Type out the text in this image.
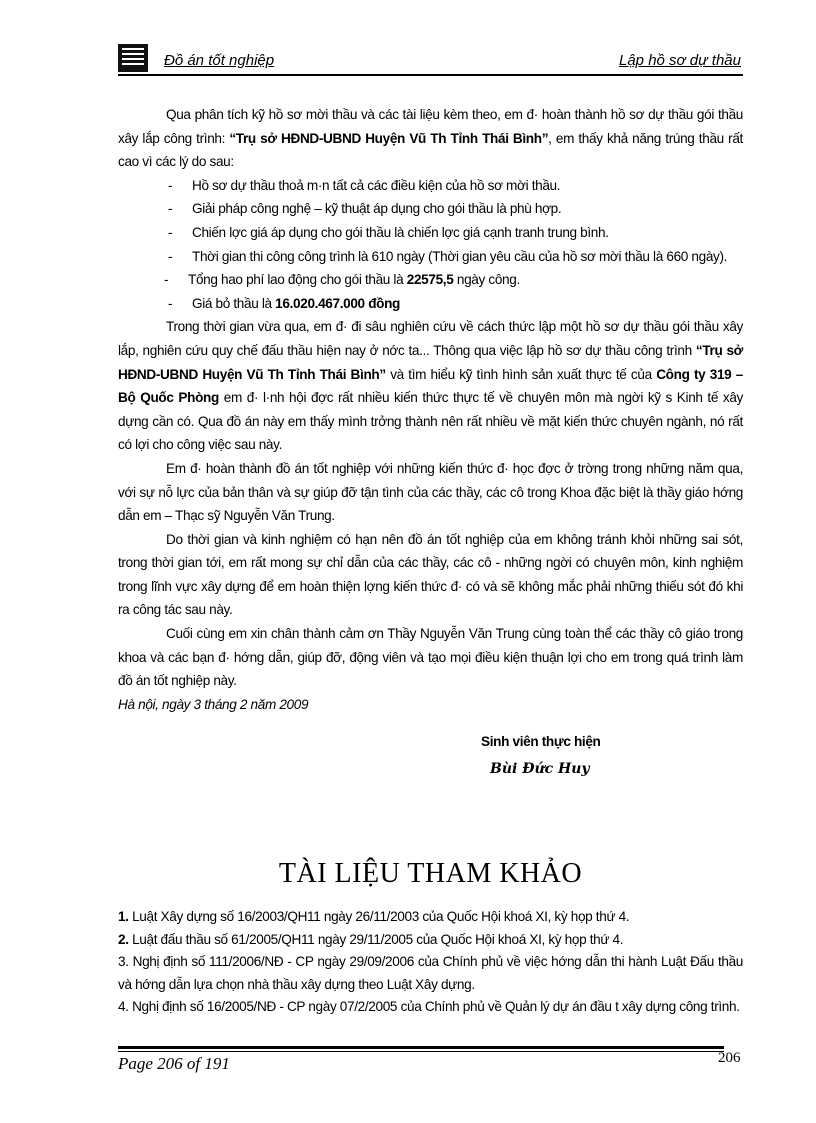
Đồ án tốt nghiệp	Lập hồ sơ dự thầu

Qua phân tích kỹ hồ sơ mời thầu và các tài liệu kèm theo, em đ· hoàn thành hồ sơ dự thầu gói thầu xây lắp công trình: “Trụ sở HĐND-UBND Huyện Vũ Th Tỉnh Thái Bình”, em thấy khả năng trúng thầu rất cao vì các lý do sau:

- Hồ sơ dự thầu thoả m·n tất cả các điều kiện của hồ sơ mời thầu.
- Giải pháp công nghệ – kỹ thuật áp dụng cho gói thầu là phù hợp.
- Chiến lợc giá áp dụng cho gói thầu là chiến lợc giá cạnh tranh trung bình.
- Thời gian thi công công trình là 610 ngày (Thời gian yêu cầu của hồ sơ mời thầu là 660 ngày).
- Tổng hao phí lao động cho gói thầu là 22575,5 ngày công.
- Giá bỏ thầu là 16.020.467.000 đồng

Trong thời gian vừa qua, em đ· đi sâu nghiên cứu về cách thức lập một hồ sơ dự thầu gói thầu xây lắp, nghiên cứu quy chế đấu thầu hiện nay ở nớc ta... Thông qua việc lập hồ sơ dự thầu công trình “Trụ sở HĐND-UBND Huyện Vũ Th Tỉnh Thái Bình” và tìm hiểu kỹ tình hình sản xuất thực tế của Công ty 319 – Bộ Quốc Phòng em đ· l·nh hội đợc rất nhiều kiến thức thực tế về chuyên môn mà ngời kỹ s Kinh tế xây dựng cần có. Qua đồ án này em thấy mình trởng thành nên rất nhiều về mặt kiến thức chuyên ngành, nó rất có lợi cho công việc sau này.

Em đ· hoàn thành đồ án tốt nghiệp với những kiến thức đ· học đợc ở trờng trong những năm qua, với sự nỗ lực của bản thân và sự giúp đỡ tận tình của các thầy, các cô trong Khoa đặc biệt là thầy giáo hớng dẫn em – Thạc sỹ Nguyễn Văn Trung.

Do thời gian và kinh nghiệm có hạn nên đồ án tốt nghiệp của em không tránh khỏi những sai sót, trong thời gian tới, em rất mong sự chỉ dẫn của các thầy, các cô - những ngời có chuyên môn, kinh nghiệm trong lĩnh vực xây dựng để em hoàn thiện lợng kiến thức đ· có và sẽ không mắc phải những thiếu sót đó khi ra công tác sau này.

Cuối cùng em xin chân thành cảm ơn Thầy Nguyễn Văn Trung cùng toàn thể các thầy cô giáo trong khoa và các bạn đ· hớng dẫn, giúp đỡ, động viên và tạo mọi điều kiện thuận lợi cho em trong quá trình làm đồ án tốt nghiệp này.

Hà nội, ngày 3 tháng 2 năm 2009

Sinh viên thực hiện

Bùi Đức Huy

TÀI LIỆU THAM KHẢO

1. Luật Xây dựng số 16/2003/QH11 ngày 26/11/2003 của Quốc Hội khoá XI, kỳ họp thứ 4.

2. Luật đấu thầu số 61/2005/QH11 ngày 29/11/2005 của Quốc Hội khoá XI, kỳ họp thứ 4.

3. Nghị định số 111/2006/NĐ - CP ngày 29/09/2006 của Chính phủ về việc hớng dẫn thi hành Luật Đấu thầu và hớng dẫn lựa chọn nhà thầu xây dựng theo Luật Xây dựng.

4. Nghị định số 16/2005/NĐ - CP ngày 07/2/2005 của Chính phủ về Quản lý dự án đầu t xây dựng công trình.

Page 206 of 191	206
